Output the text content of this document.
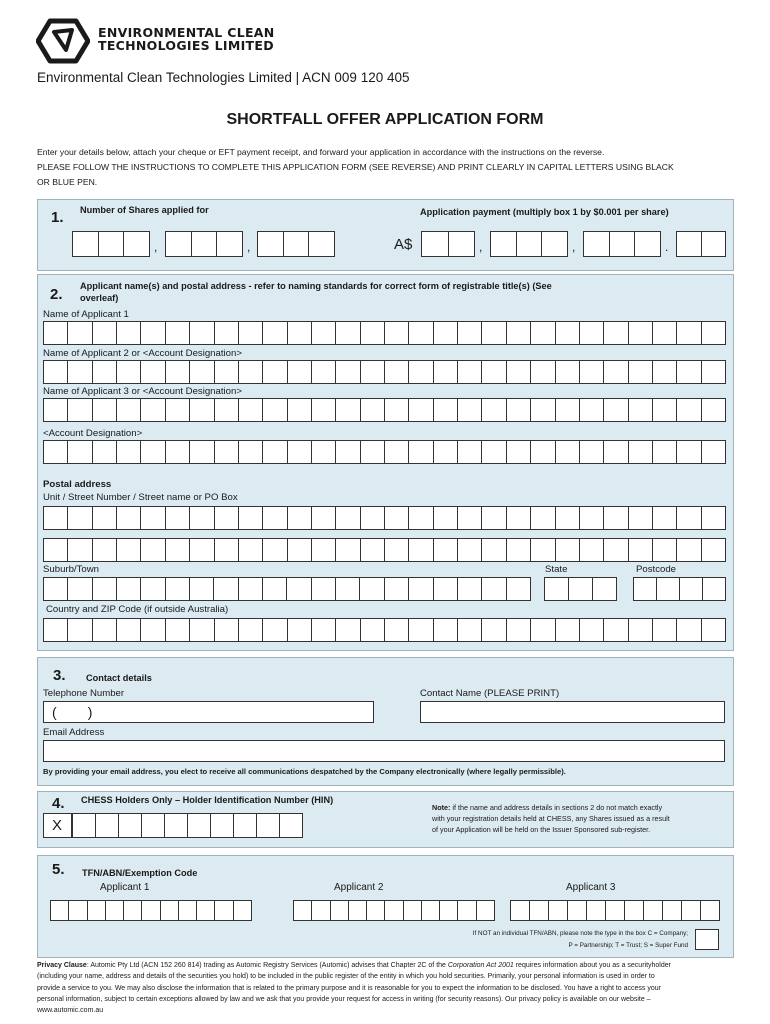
ENVIRONMENTAL CLEAN
TECHNOLOGIES LIMITED
Environmental Clean Technologies Limited | ACN 009 120 405
SHORTFALL OFFER APPLICATION FORM
Enter your details below, attach your cheque or EFT payment receipt, and forward your application in accordance with the instructions on the reverse.
PLEASE FOLLOW THE INSTRUCTIONS TO COMPLETE THIS APPLICATION FORM (SEE REVERSE) AND PRINT CLEARLY IN CAPITAL LETTERS USING BLACK
OR BLUE PEN.
1. Number of Shares applied for	Application payment (multiply box 1 by $0.001 per share)
,	,	A$	,	,	.
2. Applicant name(s) and postal address - refer to naming standards for correct form of registrable title(s) (See
overleaf)
Name of Applicant 1
Name of Applicant 2 or <Account Designation>
Name of Applicant 3 or <Account Designation>
<Account Designation>
Postal address
Unit / Street Number / Street name or PO Box
Suburb/Town	State	Postcode
Country and ZIP Code (if outside Australia)
3. Contact details
Telephone Number
(        )
Contact Name (PLEASE PRINT)
Email Address
By providing your email address, you elect to receive all communications despatched by the Company electronically (where legally permissible).
4. CHESS Holders Only – Holder Identification Number (HIN)
X
Note: if the name and address details in sections 2 do not match exactly
with your registration details held at CHESS, any Shares issued as a result
of your Application will be held on the Issuer Sponsored sub-register.
5. TFN/ABN/Exemption Code
Applicant 1	Applicant 2	Applicant 3
If NOT an individual TFN/ABN, please note the type in the box C = Company;
P = Partnership; T = Trust; S = Super Fund
Privacy Clause: Automic Pty Ltd (ACN 152 260 814) trading as Automic Registry Services (Automic) advises that Chapter 2C of the Corporation Act 2001 requires information about you as a securityholder
(including your name, address and details of the securities you hold) to be included in the public register of the entity in which you hold securities. Primarily, your personal information is used in order to
provide a service to you. We may also disclose the information that is related to the primary purpose and it is reasonable for you to expect the information to be disclosed. You have a right to access your
personal information, subject to certain exceptions allowed by law and we ask that you provide your request for access in writing (for security reasons). Our privacy policy is available on our website –
www.automic.com.au
